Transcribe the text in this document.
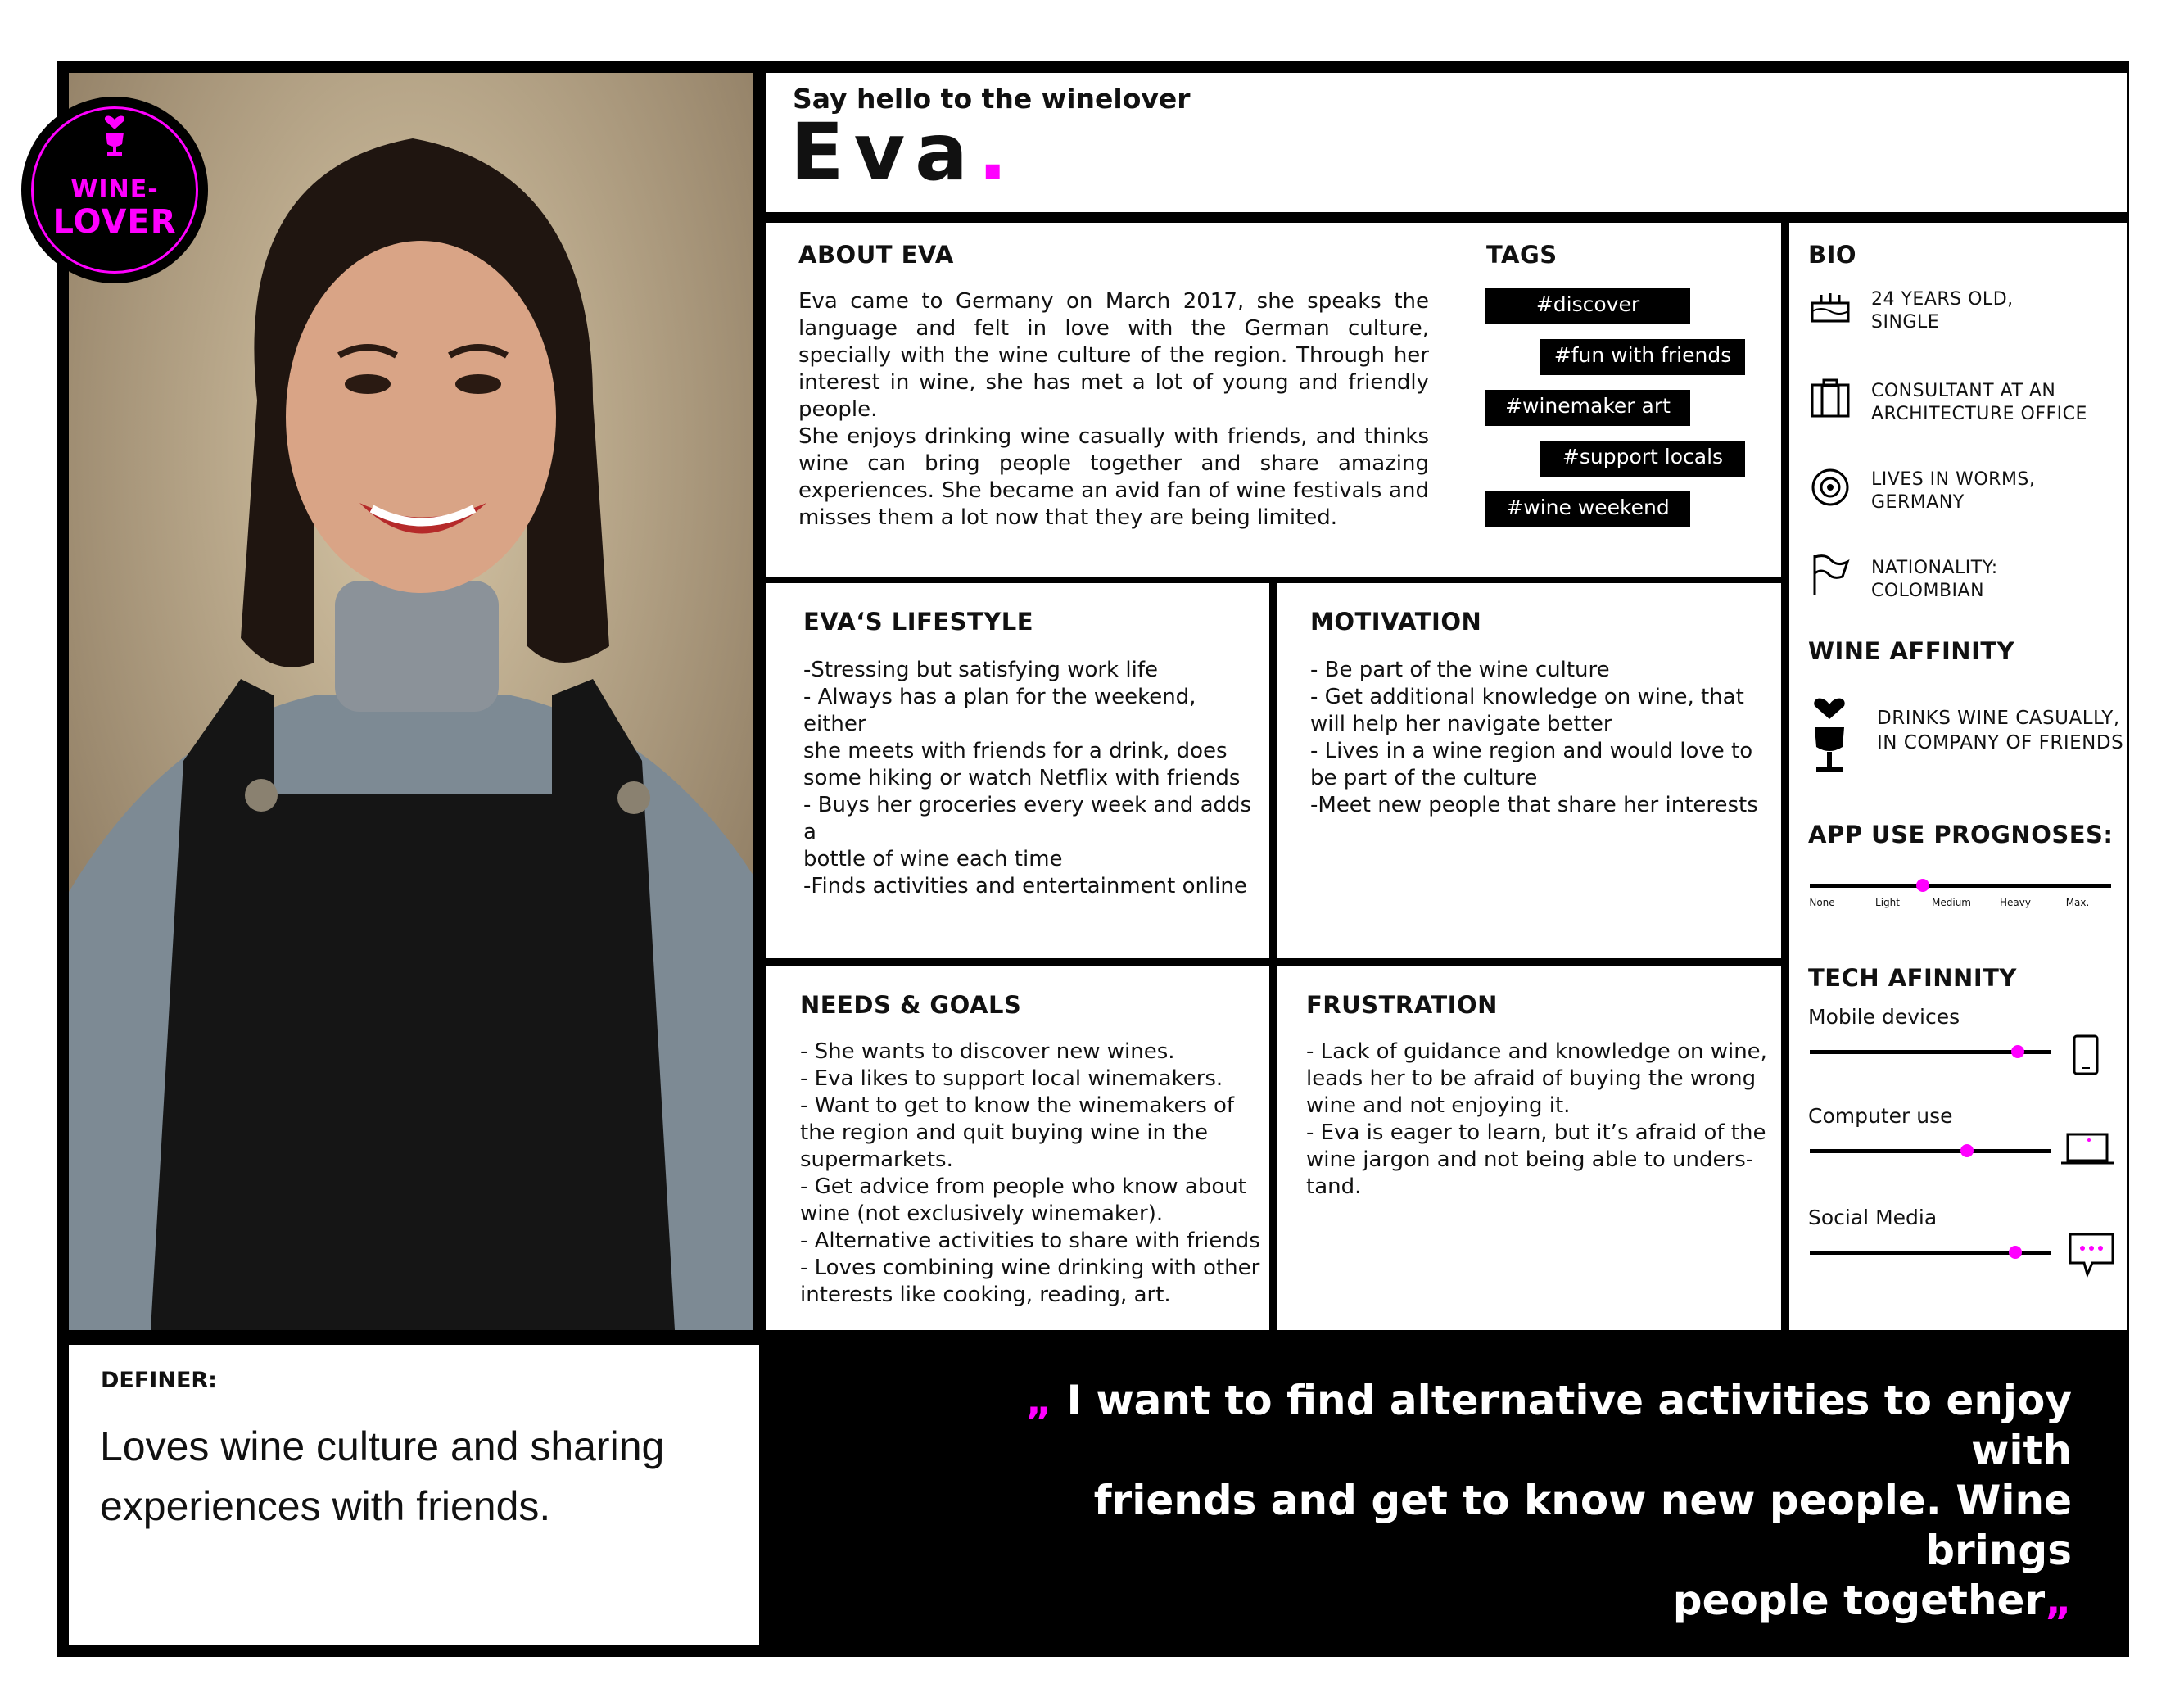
WINE-
LOVER
Say hello to the winelover
Eva.
ABOUT EVA
Eva came to Germany on March 2017, she speaks the language and felt in love with the German culture, specially with the wine culture of the region. Through her interest in wine, she has met a lot of young and friendly people.
She enjoys drinking wine casually with friends, and thinks wine can bring people together and share amazing experiences. She became an avid fan of wine festivals and misses them a lot now that they are being limited.
TAGS
#discover
#fun with friends
#winemaker art
#support locals
#wine weekend
BIO
24 YEARS OLD,
SINGLE
CONSULTANT AT AN
ARCHITECTURE OFFICE
LIVES IN WORMS,
GERMANY
NATIONALITY:
COLOMBIAN
WINE AFFINITY
DRINKS WINE CASUALLY,
IN COMPANY OF FRIENDS
APP USE PROGNOSES:
None	Light	Medium	Heavy	Max.
TECH AFINNITY
Mobile devices
Computer use
Social Media
EVA‘S LIFESTYLE
-Stressing but satisfying work life
- Always has a plan for the weekend, either
she meets with friends for a drink, does
some hiking or watch Netflix with friends
- Buys her groceries every week and adds a
bottle of wine each time
-Finds activities and entertainment online
MOTIVATION
- Be part of the wine culture
- Get additional knowledge on wine, that
will help her navigate better
- Lives in a wine region and would love to
be part of the culture
-Meet new people that share her interests
NEEDS & GOALS
- She wants to discover new wines.
- Eva likes to support local winemakers.
- Want to get to know the winemakers of
the region and quit buying wine in the
supermarkets.
- Get advice from people who know about
wine (not exclusively winemaker).
- Alternative activities to share with friends
- Loves combining wine drinking with other
interests like cooking, reading, art.
FRUSTRATION
- Lack of guidance and knowledge on wine,
leads her to be afraid of buying the wrong
wine and not enjoying it.
- Eva is eager to learn, but it’s afraid of the
wine jargon and not being able to unders-
tand.
DEFINER:
Loves wine culture and sharing
experiences with friends.
„ I want to find alternative activities to enjoy with
friends and get to know new people. Wine brings
people together„
